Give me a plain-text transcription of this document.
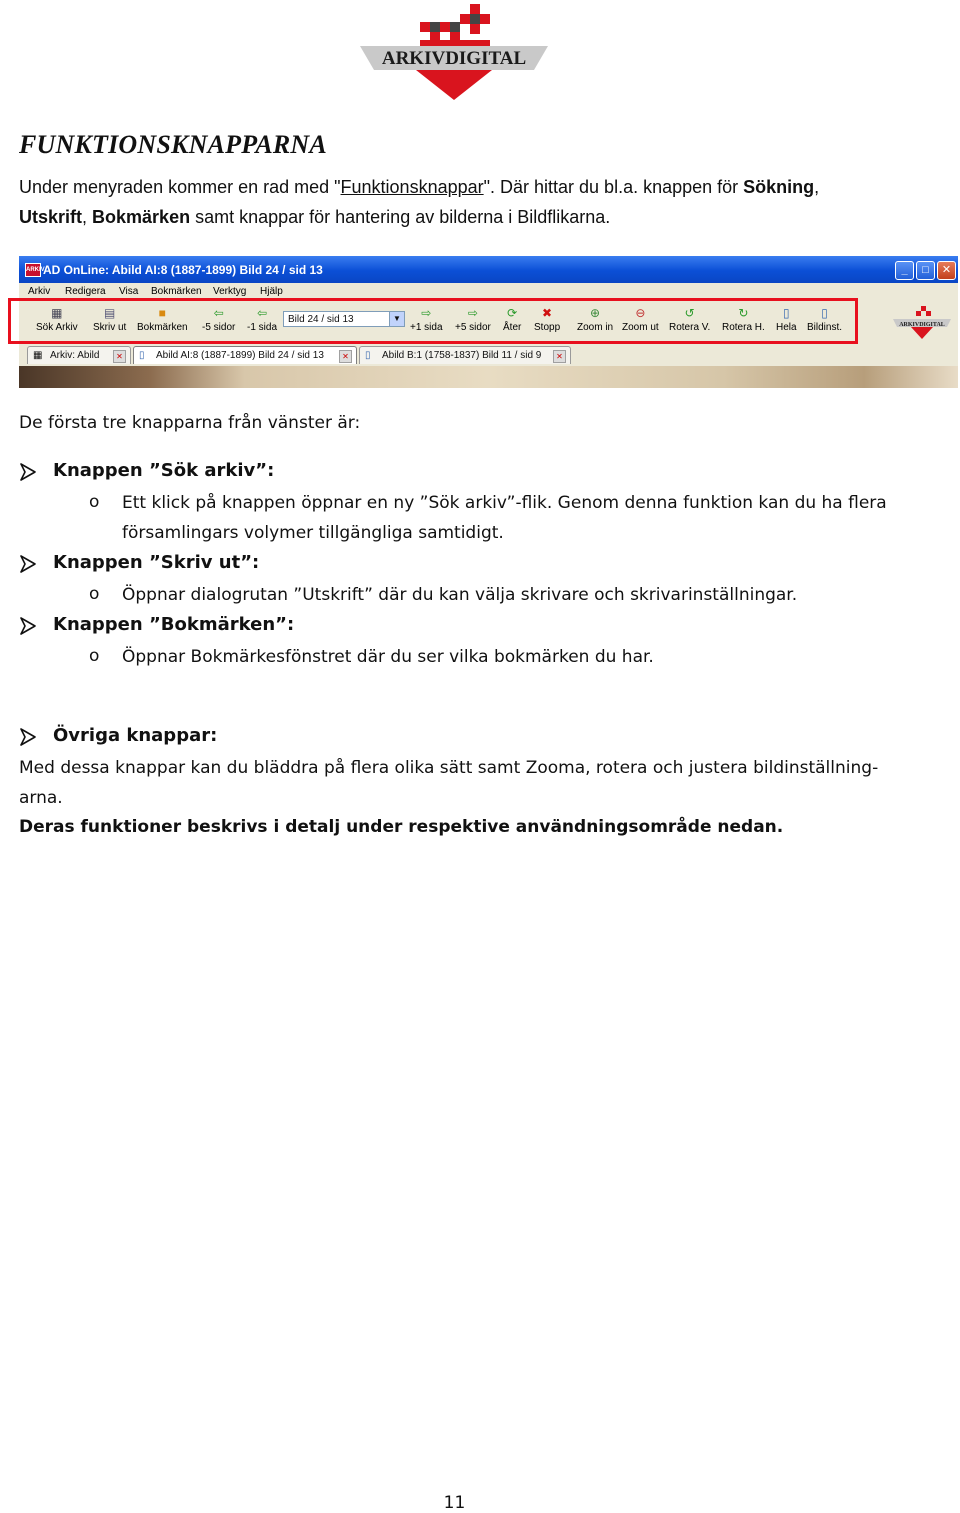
ARKIVDIGITAL
FUNKTIONSKNAPPARNA

Under menyraden kommer en rad med "Funktionsknappar". Där hittar du bl.a. knappen för Sökning,

Utskrift, Bokmärken samt knappar för hantering av bilderna i Bildflikarna.

ARKIV
AD OnLine: Abild AI:8 (1887-1899) Bild 24 / sid 13	_	□	✕
Arkiv Redigera Visa Bokmärken Verktyg Hjälp
▦
Sök Arkiv
▤
Skriv ut
■
Bokmärken
⇦
-5 sidor
⇦
-1 sida
Bild 24 / sid 13	▼ ⇨
+1 sida
⇨
+5 sidor
⟳
Åter
✖
Stopp
⊕
Zoom in
⊖
Zoom ut
↺
Rotera V.
↻
Rotera H.
▯
Hela
▯
Bildinst.	ARKIVDIGITAL
▦ Arkiv: Abild	✕	▯	Abild AI:8 (1887-1899) Bild 24 / sid 13	✕	▯	Abild B:1 (1758-1837) Bild 11 / sid 9	✕

De första tre knapparna från vänster är:

Knappen ”Sök arkiv”:

o Ett klick på knappen öppnar en ny ”Sök arkiv”-flik. Genom denna funktion kan du ha flera

församlingars volymer tillgängliga samtidigt.

Knappen ”Skriv ut”:

o Öppnar dialogrutan ”Utskrift” där du kan välja skrivare och skrivarinställningar.

Knappen ”Bokmärken”:

o Öppnar Bokmärkesfönstret där du ser vilka bokmärken du har.

Övriga knappar:

Med dessa knappar kan du bläddra på flera olika sätt samt Zooma, rotera och justera bildinställning-

arna.

Deras funktioner beskrivs i detalj under respektive användningsområde nedan.

11
